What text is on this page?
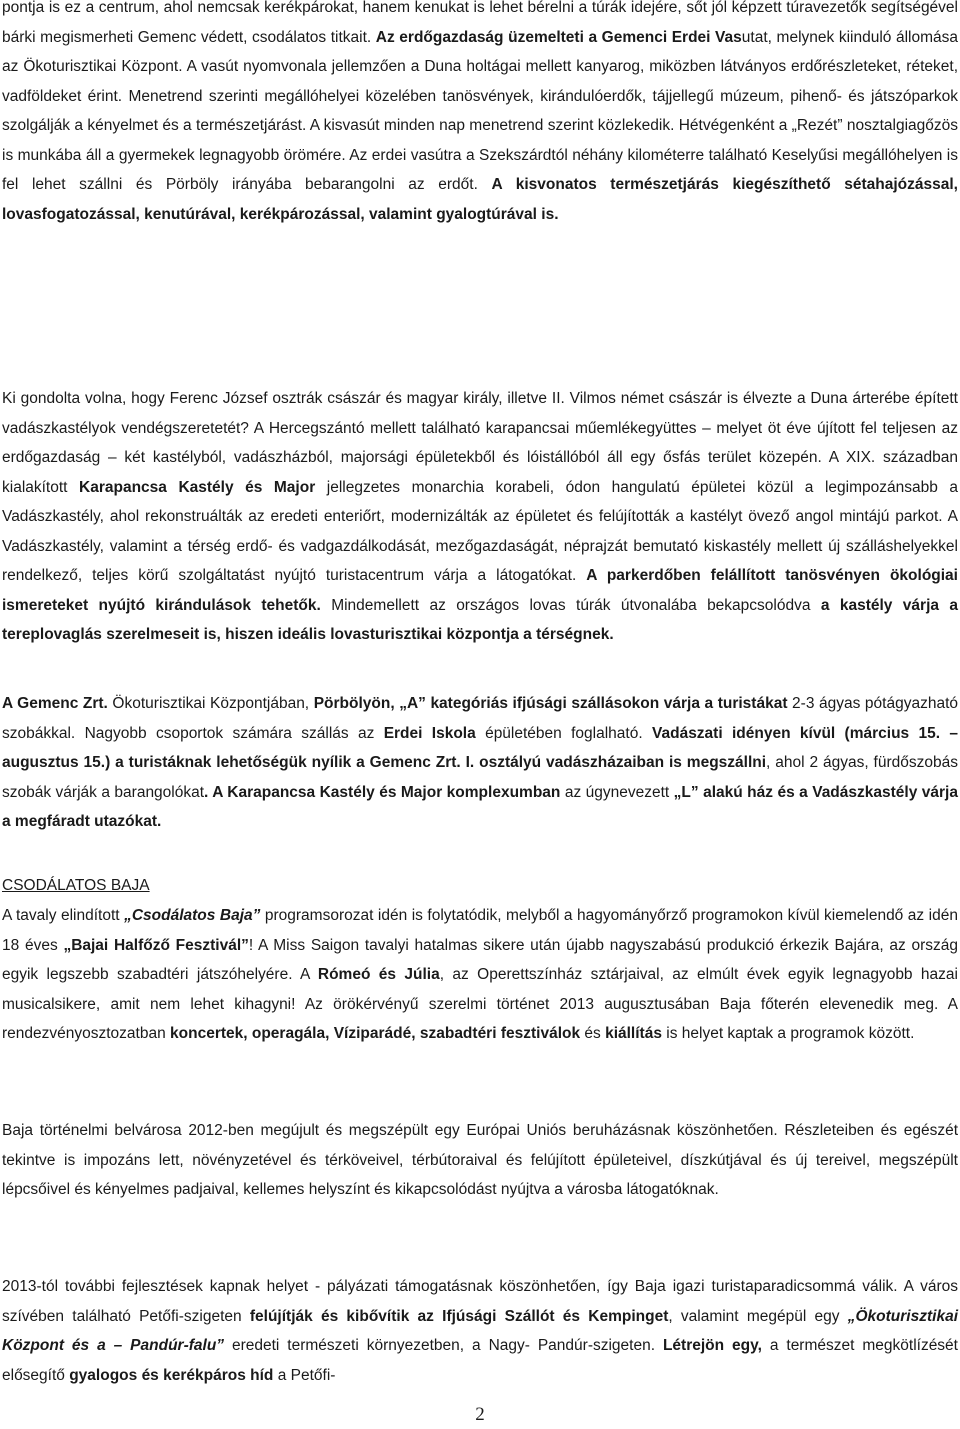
pontja is ez a centrum, ahol nemcsak kerékpárokat, hanem kenukat is lehet bérelni a túrák idejére, sőt jól képzett túravezetők segítségével bárki megismerheti Gemenc védett, csodálatos titkait. Az erdőgazdaság üzemelteti a Gemenci Erdei Vasutat, melynek kiinduló állomása az Ökoturisztikai Központ. A vasút nyomvonala jellemzően a Duna holtágai mellett kanyarog, miközben látványos erdőrészleteket, réteket, vadföldeket érint. Menetrend szerinti megállóhelyei közelében tanösvények, kirándulóerdők, tájjellegű múzeum, pihenő- és játszóparkok szolgálják a kényelmet és a természetjárást. A kisvasút minden nap menetrend szerint közlekedik. Hétvégenként a „Rezét” nosztalgiagőzös is munkába áll a gyermekek legnagyobb örömére. Az erdei vasútra a Szekszárdtól néhány kilométerre található Keselyűsi megállóhelyen is fel lehet szállni és Pörböly irányába bebarangolni az erdőt. A kisvonatos természetjárás kiegészíthető sétahajózással, lovasfogatozással, kenutúrával, kerékpározással, valamint gyalogtúrával is.

Ki gondolta volna, hogy Ferenc József osztrák császár és magyar király, illetve II. Vilmos német császár is élvezte a Duna árterébe épített vadászkastélyok vendégszeretetét? A Hercegszántó mellett található karapancsai műemlékegyüttes – melyet öt éve újított fel teljesen az erdőgazdaság – két kastélyból, vadászházból, majorsági épületekből és lóistállóból áll egy ősfás terület közepén. A XIX. században kialakított Karapancsa Kastély és Major jellegzetes monarchia korabeli, ódon hangulatú épületei közül a legimpozánsabb a Vadászkastély, ahol rekonstruálták az eredeti enteriőrt, modernizálták az épületet és felújították a kastélyt övező angol mintájú parkot. A Vadászkastély, valamint a térség erdő- és vadgazdálkodását, mezőgazdaságát, néprajzát bemutató kiskastély mellett új szálláshelyekkel rendelkező, teljes körű szolgáltatást nyújtó turistacentrum várja a látogatókat. A parkerdőben felállított tanösvényen ökológiai ismereteket nyújtó kirándulások tehetők. Mindemellett az országos lovas túrák útvonalába bekapcsolódva a kastély várja a tereplovaglás szerelmeseit is, hiszen ideális lovasturisztikai központja a térségnek.

A Gemenc Zrt. Ökoturisztikai Központjában, Pörbölyön, „A” kategóriás ifjúsági szállásokon várja a turistákat 2-3 ágyas pótágyazható szobákkal. Nagyobb csoportok számára szállás az Erdei Iskola épületében foglalható. Vadászati idényen kívül (március 15. – augusztus 15.) a turistáknak lehetőségük nyílik a Gemenc Zrt. I. osztályú vadászházaiban is megszállni, ahol 2 ágyas, fürdőszobás szobák várják a barangolókat. A Karapancsa Kastély és Major komplexumban az úgynevezett „L” alakú ház és a Vadászkastély várja a megfáradt utazókat.

CSODÁLATOS BAJA

A tavaly elindított „Csodálatos Baja” programsorozat idén is folytatódik, melyből a hagyományőrző programokon kívül kiemelendő az idén 18 éves „Bajai Halfőző Fesztivál”! A Miss Saigon tavalyi hatalmas sikere után újabb nagyszabású produkció érkezik Bajára, az ország egyik legszebb szabadtéri játszóhelyére. A Rómeó és Júlia, az Operettszínház sztárjaival, az elmúlt évek egyik legnagyobb hazai musicalsikere, amit nem lehet kihagyni! Az örökérvényű szerelmi történet 2013 augusztusában Baja főterén elevenedik meg. A rendezvényosztozatban koncertek, operagála, Víziparádé, szabadtéri fesztiválok és kiállítás is helyet kaptak a programok között.

Baja történelmi belvárosa 2012-ben megújult és megszépült egy Európai Uniós beruházásnak köszönhetően. Részleteiben és egészét tekintve is impozáns lett, növényzetével és térköveivel, térbútoraival és felújított épületeivel, díszkútjával és új tereivel, megszépült lépcsőivel és kényelmes padjaival, kellemes helyszínt és kikapcsolódást nyújtva a városba látogatóknak.

2013-tól további fejlesztések kapnak helyet - pályázati támogatásnak köszönhetően, így Baja igazi turistaparadicsommá válik. A város szívében található Petőfi-szigeten felújítják és kibővítik az Ifjúsági Szállót és Kempinget, valamint megépül egy „Ökoturisztikai Központ és a – Pandúr-falu” eredeti természeti környezetben, a Nagy- Pandúr-szigeten. Létrejön egy, a természet megkötlízését elősegítő gyalogos és kerékpáros híd a Petőfi-

2
